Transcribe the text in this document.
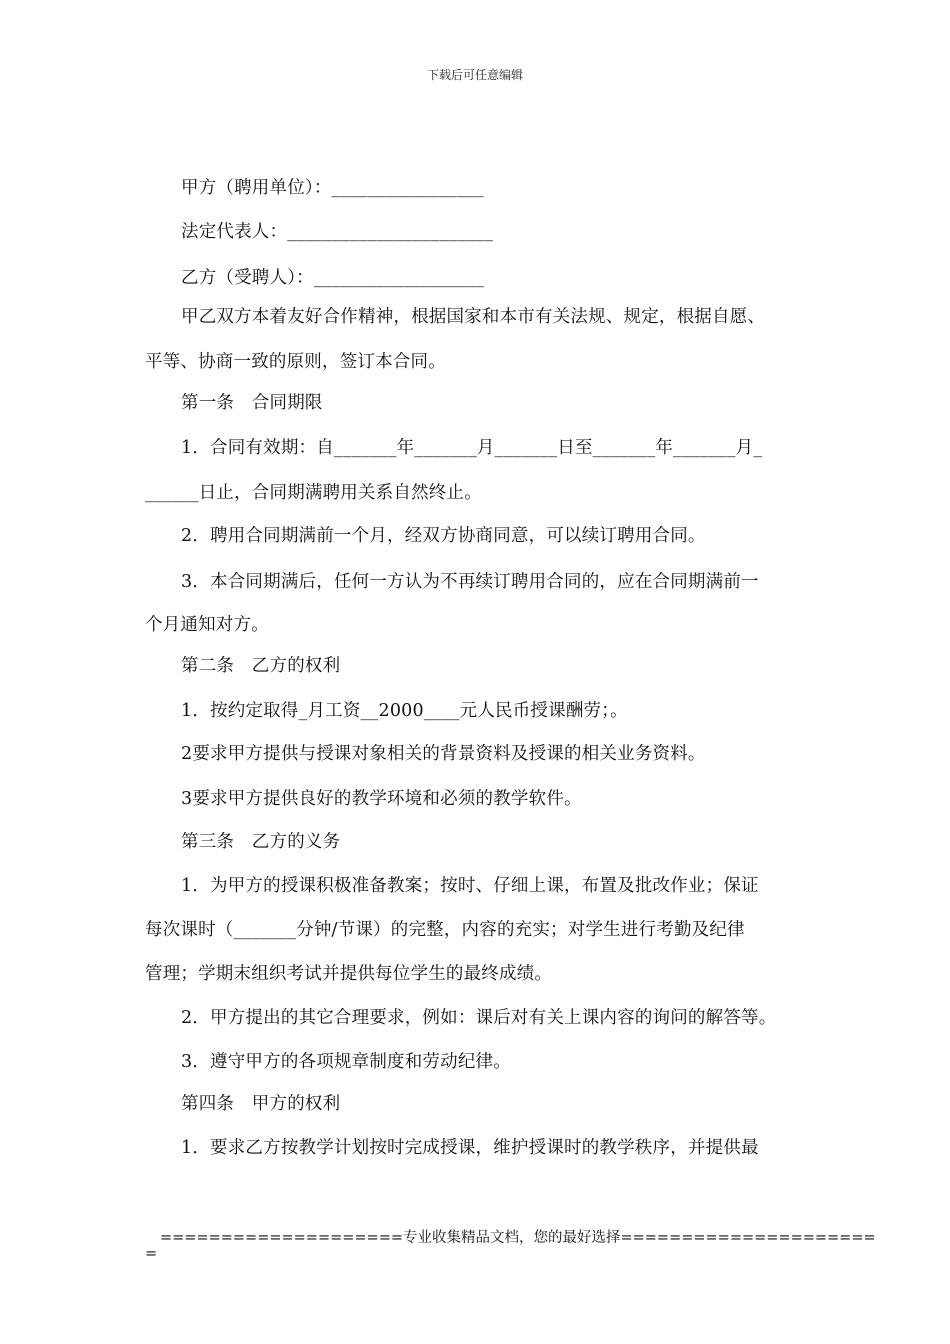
下载后可任意编辑
甲方（聘用单位）：_________________
法定代表人：_______________________
乙方（受聘人）：___________________
甲乙双方本着友好合作精神，根据国家和本市有关法规、规定，根据自愿、
平等、协商一致的原则，签订本合同。
第一条　合同期限
1．合同有效期：自_______年_______月_______日至_______年_______月_
______日止，合同期满聘用关系自然终止。
2．聘用合同期满前一个月，经双方协商同意，可以续订聘用合同。
3．本合同期满后，任何一方认为不再续订聘用合同的，应在合同期满前一
个月通知对方。
第二条　乙方的权利
1．按约定取得_月工资__2000____元人民币授课酬劳；。
2要求甲方提供与授课对象相关的背景资料及授课的相关业务资料。
3要求甲方提供良好的教学环境和必须的教学软件。
第三条　乙方的义务
1．为甲方的授课积极准备教案；按时、仔细上课，布置及批改作业；保证
每次课时（_______分钟/节课）的完整，内容的充实；对学生进行考勤及纪律
管理；学期末组织考试并提供每位学生的最终成绩。
2．甲方提出的其它合理要求，例如：课后对有关上课内容的询问的解答等。
3．遵守甲方的各项规章制度和劳动纪律。
第四条　甲方的权利
1．要求乙方按教学计划按时完成授课，维护授课时的教学秩序，并提供最
====================专业收集精品文档，您的最好选择=====================
=
